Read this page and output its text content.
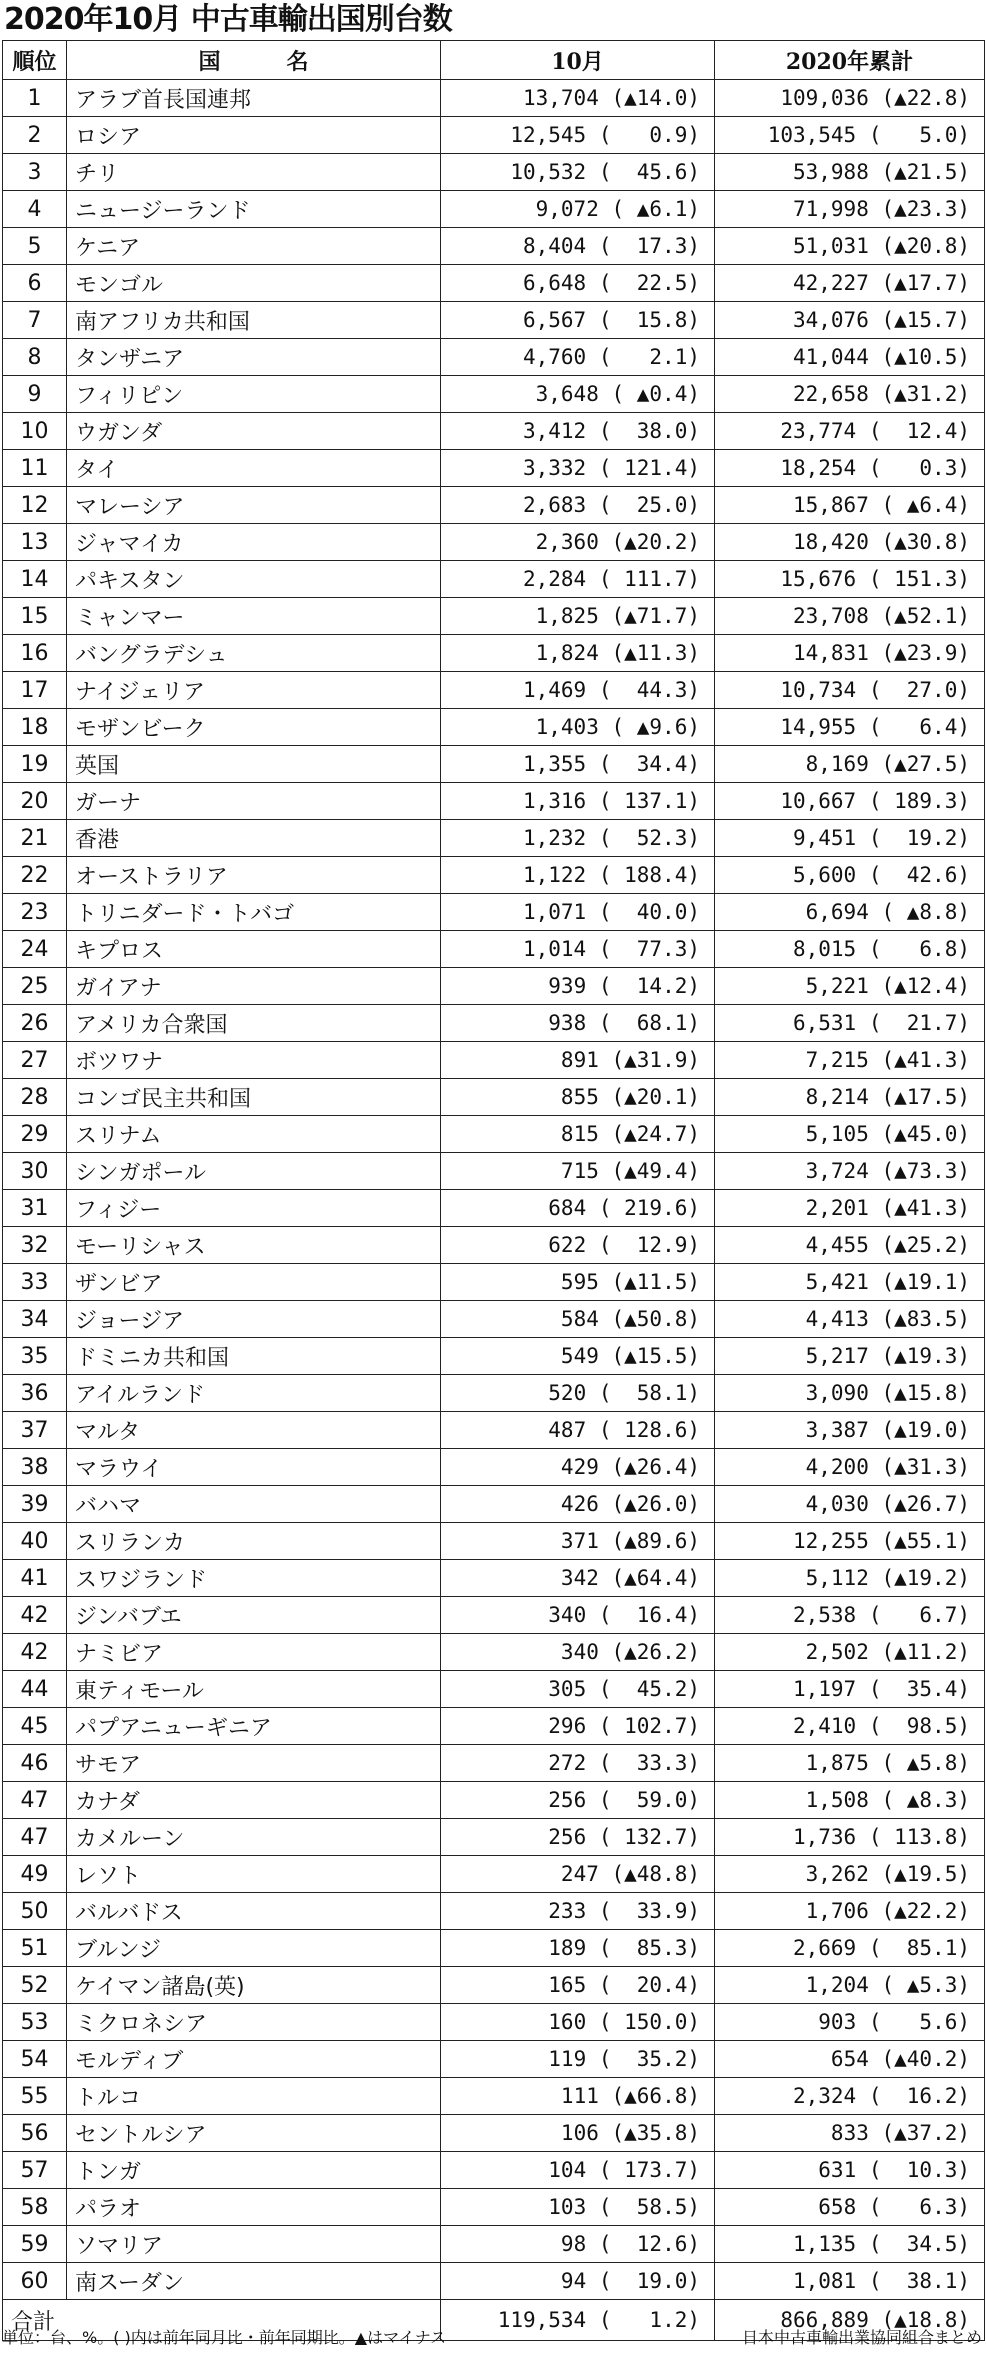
2020年10月 中古車輸出国別台数
順位	国　　　名	10月	2020年累計
1	アラブ首長国連邦	13,704 (▲14.0)	109,036 (▲22.8)
2	ロシア	12,545 (   0.9)	103,545 (   5.0)
3	チリ	10,532 (  45.6)	53,988 (▲21.5)
4	ニュージーランド	9,072 ( ▲6.1)	71,998 (▲23.3)
5	ケニア	8,404 (  17.3)	51,031 (▲20.8)
6	モンゴル	6,648 (  22.5)	42,227 (▲17.7)
7	南アフリカ共和国	6,567 (  15.8)	34,076 (▲15.7)
8	タンザニア	4,760 (   2.1)	41,044 (▲10.5)
9	フィリピン	3,648 ( ▲0.4)	22,658 (▲31.2)
10	ウガンダ	3,412 (  38.0)	23,774 (  12.4)
11	タイ	3,332 ( 121.4)	18,254 (   0.3)
12	マレーシア	2,683 (  25.0)	15,867 ( ▲6.4)
13	ジャマイカ	2,360 (▲20.2)	18,420 (▲30.8)
14	パキスタン	2,284 ( 111.7)	15,676 ( 151.3)
15	ミャンマー	1,825 (▲71.7)	23,708 (▲52.1)
16	バングラデシュ	1,824 (▲11.3)	14,831 (▲23.9)
17	ナイジェリア	1,469 (  44.3)	10,734 (  27.0)
18	モザンビーク	1,403 ( ▲9.6)	14,955 (   6.4)
19	英国	1,355 (  34.4)	8,169 (▲27.5)
20	ガーナ	1,316 ( 137.1)	10,667 ( 189.3)
21	香港	1,232 (  52.3)	9,451 (  19.2)
22	オーストラリア	1,122 ( 188.4)	5,600 (  42.6)
23	トリニダード・トバゴ	1,071 (  40.0)	6,694 ( ▲8.8)
24	キプロス	1,014 (  77.3)	8,015 (   6.8)
25	ガイアナ	939 (  14.2)	5,221 (▲12.4)
26	アメリカ合衆国	938 (  68.1)	6,531 (  21.7)
27	ボツワナ	891 (▲31.9)	7,215 (▲41.3)
28	コンゴ民主共和国	855 (▲20.1)	8,214 (▲17.5)
29	スリナム	815 (▲24.7)	5,105 (▲45.0)
30	シンガポール	715 (▲49.4)	3,724 (▲73.3)
31	フィジー	684 ( 219.6)	2,201 (▲41.3)
32	モーリシャス	622 (  12.9)	4,455 (▲25.2)
33	ザンビア	595 (▲11.5)	5,421 (▲19.1)
34	ジョージア	584 (▲50.8)	4,413 (▲83.5)
35	ドミニカ共和国	549 (▲15.5)	5,217 (▲19.3)
36	アイルランド	520 (  58.1)	3,090 (▲15.8)
37	マルタ	487 ( 128.6)	3,387 (▲19.0)
38	マラウイ	429 (▲26.4)	4,200 (▲31.3)
39	バハマ	426 (▲26.0)	4,030 (▲26.7)
40	スリランカ	371 (▲89.6)	12,255 (▲55.1)
41	スワジランド	342 (▲64.4)	5,112 (▲19.2)
42	ジンバブエ	340 (  16.4)	2,538 (   6.7)
42	ナミビア	340 (▲26.2)	2,502 (▲11.2)
44	東ティモール	305 (  45.2)	1,197 (  35.4)
45	パプアニューギニア	296 ( 102.7)	2,410 (  98.5)
46	サモア	272 (  33.3)	1,875 ( ▲5.8)
47	カナダ	256 (  59.0)	1,508 ( ▲8.3)
47	カメルーン	256 ( 132.7)	1,736 ( 113.8)
49	レソト	247 (▲48.8)	3,262 (▲19.5)
50	バルバドス	233 (  33.9)	1,706 (▲22.2)
51	ブルンジ	189 (  85.3)	2,669 (  85.1)
52	ケイマン諸島(英)	165 (  20.4)	1,204 ( ▲5.3)
53	ミクロネシア	160 ( 150.0)	903 (   5.6)
54	モルディブ	119 (  35.2)	654 (▲40.2)
55	トルコ	111 (▲66.8)	2,324 (  16.2)
56	セントルシア	106 (▲35.8)	833 (▲37.2)
57	トンガ	104 ( 173.7)	631 (  10.3)
58	パラオ	103 (  58.5)	658 (   6.3)
59	ソマリア	98 (  12.6)	1,135 (  34.5)
60	南スーダン	94 (  19.0)	1,081 (  38.1)
合計		119,534 (   1.2)	866,889 (▲18.8)
単位：台、%。( )内は前年同月比・前年同期比。▲はマイナス	日本中古車輸出業協同組合まとめ
